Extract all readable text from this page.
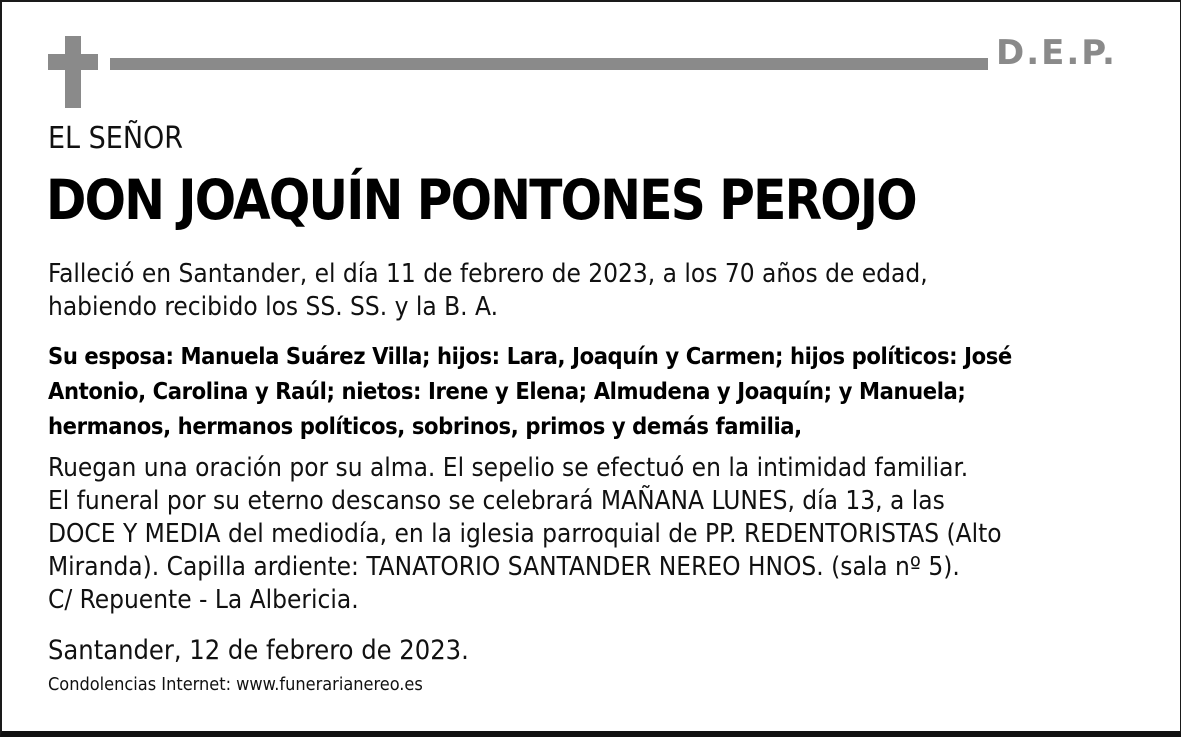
D.E.P.
EL SEÑOR
DON JOAQUÍN PONTONES PEROJO
Falleció en Santander, el día 11 de febrero de 2023, a los 70 años de edad,
habiendo recibido los SS. SS. y la B. A.
Su esposa: Manuela Suárez Villa; hijos: Lara, Joaquín y Carmen; hijos políticos: José
Antonio, Carolina y Raúl; nietos: Irene y Elena; Almudena y Joaquín; y Manuela;
hermanos, hermanos políticos, sobrinos, primos y demás familia,
Ruegan una oración por su alma. El sepelio se efectuó en la intimidad familiar.
El funeral por su eterno descanso se celebrará MAÑANA LUNES, día 13, a las
DOCE Y MEDIA del mediodía, en la iglesia parroquial de PP. REDENTORISTAS (Alto
Miranda). Capilla ardiente: TANATORIO SANTANDER NEREO HNOS. (sala nº 5).
C/ Repuente - La Albericia.
Santander, 12 de febrero de 2023.
Condolencias Internet: www.funerarianereo.es
